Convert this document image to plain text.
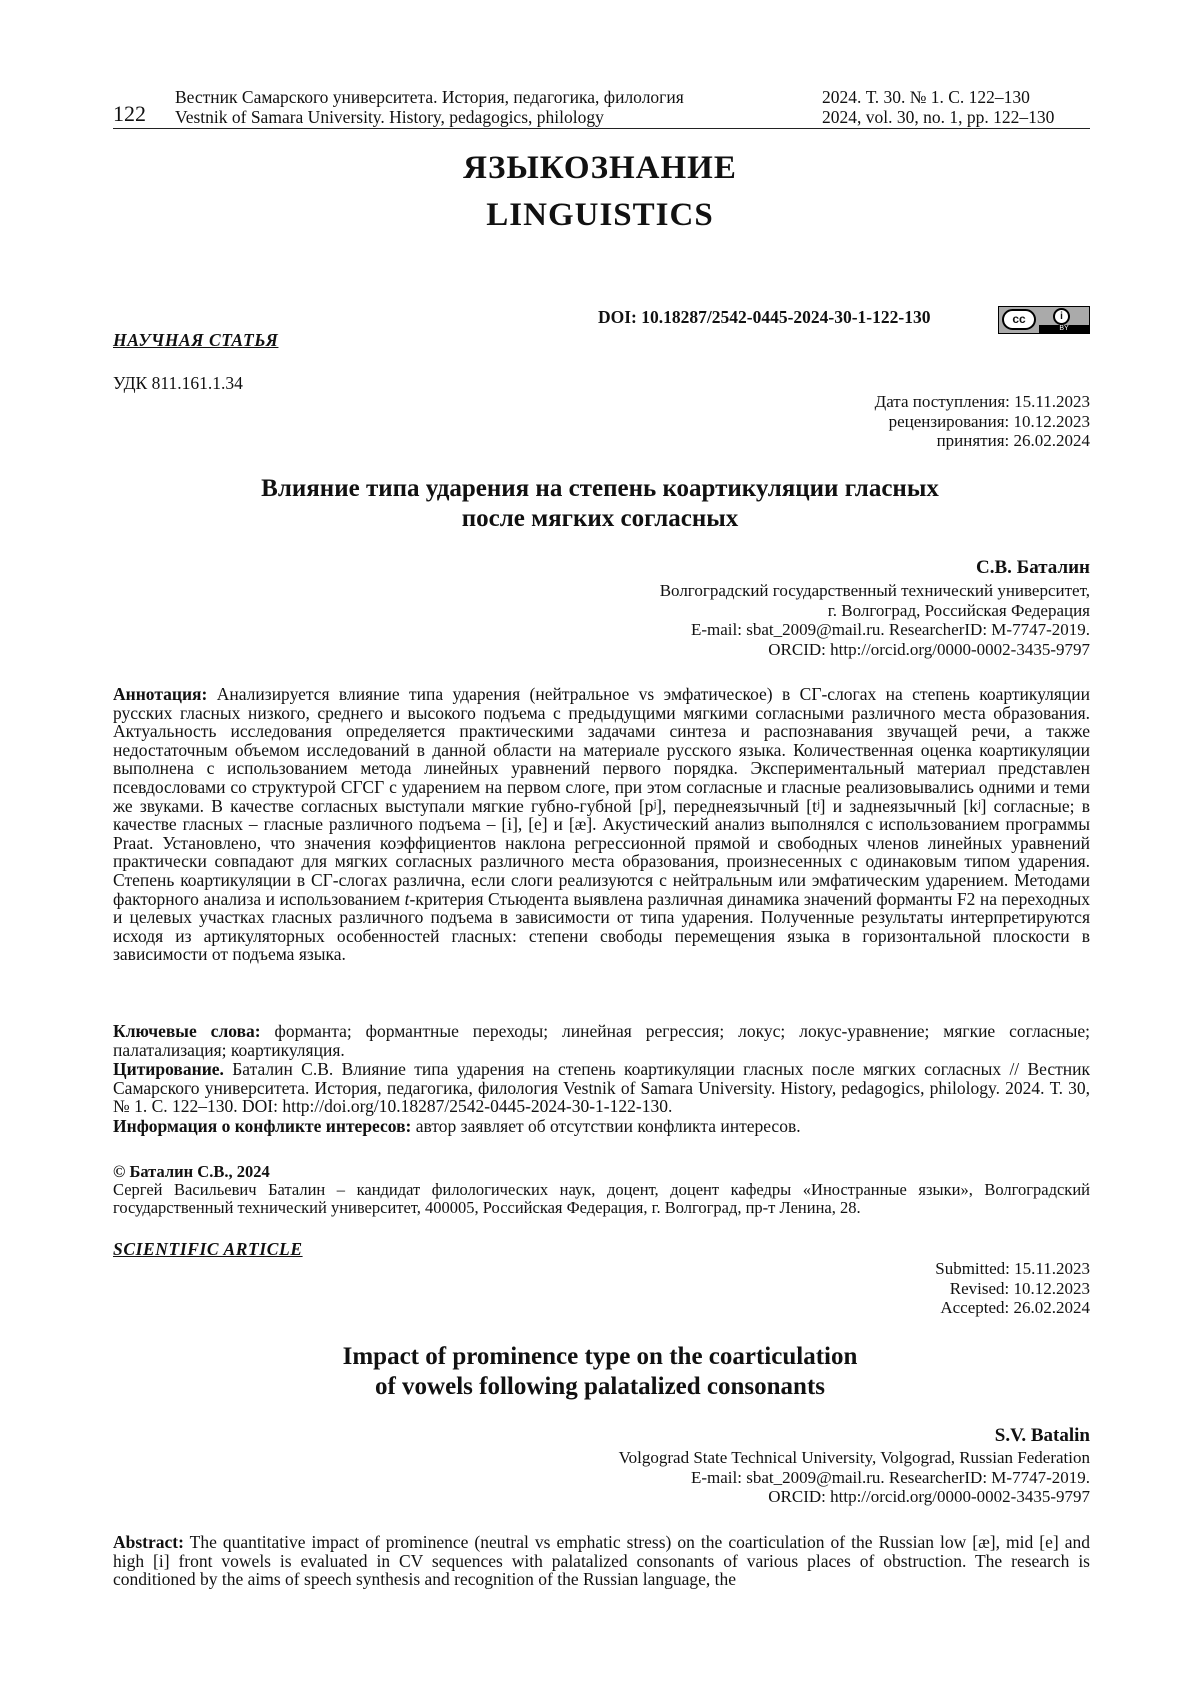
122
Вестник Самарского университета. История, педагогика, филология
Vestnik of Samara University. History, pedagogics, philology
2024. Т. 30. № 1. С. 122–130
2024, vol. 30, no. 1, pp. 122–130
ЯЗЫКОЗНАНИЕ
LINGUISTICS
DOI: 10.18287/2542-0445-2024-30-1-122-130	cc	i
BY
НАУЧНАЯ СТАТЬЯ
УДК 811.161.1.34
Дата поступления: 15.11.2023
рецензирования: 10.12.2023
принятия: 26.02.2024
Влияние типа ударения на степень коартикуляции гласных
после мягких согласных
С.В. Баталин
Волгоградский государственный технический университет,
г. Волгоград, Российская Федерация
E-mail: sbat_2009@mail.ru. ResearcherID: M-7747-2019.
ORCID: http://orcid.org/0000-0002-3435-9797
Аннотация: Анализируется влияние типа ударения (нейтральное vs эмфатическое) в СГ-слогах на степень коартикуляции русских гласных низкого, среднего и высокого подъема с предыдущими мягкими согласными различного места образования. Актуальность исследования определяется практическими задачами синтеза и распознавания звучащей речи, а также недостаточным объемом исследований в данной области на материале русского языка. Количественная оценка коартикуляции выполнена с использованием метода линейных уравнений первого порядка. Экспериментальный материал представлен псевдословами со структурой СГСГ с ударением на первом слоге, при этом согласные и гласные реализовывались одними и теми же звуками. В качестве согласных выступали мягкие губно-губной [pʲ], переднеязычный [tʲ] и заднеязычный [kʲ] согласные; в качестве гласных – гласные различного подъема – [i], [e] и [æ]. Акустический анализ выполнялся с использованием программы Praat. Установлено, что значения коэффициентов наклона регрессионной прямой и свободных членов линейных уравнений практически совпадают для мягких согласных различного места образования, произнесенных с одинаковым типом ударения. Степень коартикуляции в СГ-слогах различна, если слоги реализуются с нейтральным или эмфатическим ударением. Методами факторного анализа и использованием t-критерия Стьюдента выявлена различная динамика значений форманты F2 на переходных и целевых участках гласных различного подъема в зависимости от типа ударения. Полученные результаты интерпретируются исходя из артикуляторных особенностей гласных: степени свободы перемещения языка в горизонтальной плоскости в зависимости от подъема языка.
Ключевые слова: форманта; формантные переходы; линейная регрессия; локус; локус-уравнение; мягкие согласные; палатализация; коартикуляция.
Цитирование. Баталин С.В. Влияние типа ударения на степень коартикуляции гласных после мягких согласных // Вестник Самарского университета. История, педагогика, филология Vestnik of Samara University. History, pedagogics, philology. 2024. Т. 30, № 1. С. 122–130. DOI: http://doi.org/10.18287/2542-0445-2024-30-1-122-130.
Информация о конфликте интересов: автор заявляет об отсутствии конфликта интересов.
© Баталин С.В., 2024
Сергей Васильевич Баталин – кандидат филологических наук, доцент, доцент кафедры «Иностранные языки», Волгоградский государственный технический университет, 400005, Российская Федерация, г. Волгоград, пр-т Ленина, 28.
SCIENTIFIC ARTICLE
Submitted: 15.11.2023
Revised: 10.12.2023
Accepted: 26.02.2024
Impact of prominence type on the coarticulation
of vowels following palatalized consonants
S.V. Batalin
Volgograd State Technical University, Volgograd, Russian Federation
E-mail: sbat_2009@mail.ru. ResearcherID: M-7747-2019.
ORCID: http://orcid.org/0000-0002-3435-9797
Abstract: The quantitative impact of prominence (neutral vs emphatic stress) on the coarticulation of the Russian low [æ], mid [e] and high [i] front vowels is evaluated in CV sequences with palatalized consonants of various places of obstruction. The research is conditioned by the aims of speech synthesis and recognition of the Russian language, the
